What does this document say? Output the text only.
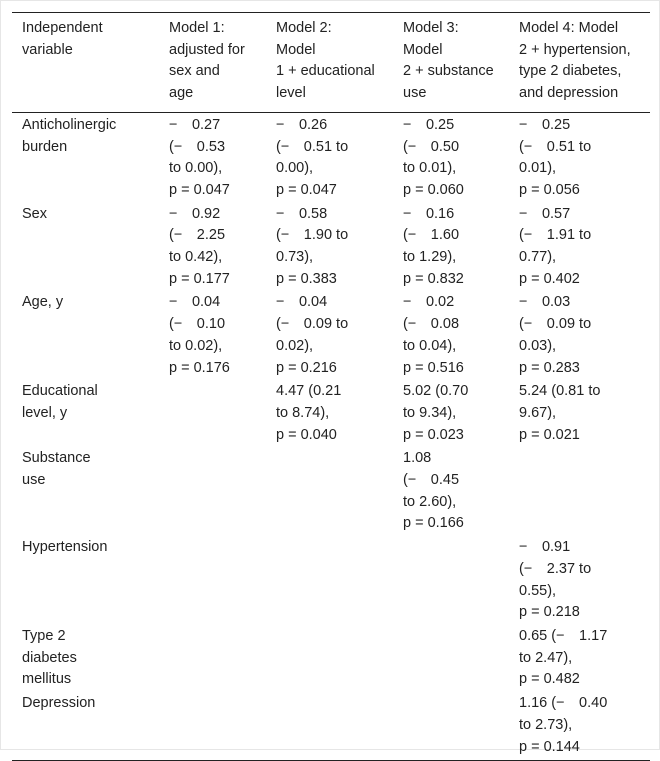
Independent
variable	Model 1:
adjusted for
sex and
age	Model 2:
Model
1 + educational
level	Model 3:
Model
2 + substance
use	Model 4: Model
2 + hypertension,
type 2 diabetes,
and depression

Anticholinergic
burden	− 0.27
(− 0.53
to 0.00),
p = 0.047	− 0.26
(− 0.51 to
0.00),
p = 0.047	− 0.25
(− 0.50
to 0.01),
p = 0.060	− 0.25
(− 0.51 to
0.01),
p = 0.056

Sex	− 0.92
(− 2.25
to 0.42),
p = 0.177	− 0.58
(− 1.90 to
0.73),
p = 0.383	− 0.16
(− 1.60
to 1.29),
p = 0.832	− 0.57
(− 1.91 to
0.77),
p = 0.402

Age, y	− 0.04
(− 0.10
to 0.02),
p = 0.176	− 0.04
(− 0.09 to
0.02),
p = 0.216	− 0.02
(− 0.08
to 0.04),
p = 0.516	− 0.03
(− 0.09 to
0.03),
p = 0.283

Educational
level, y		4.47 (0.21
to 8.74),
p = 0.040	5.02 (0.70
to 9.34),
p = 0.023	5.24 (0.81 to
9.67),
p = 0.021

Substance
use			1.08
(− 0.45
to 2.60),
p = 0.166	

Hypertension				− 0.91
(− 2.37 to
0.55),
p = 0.218

Type 2
diabetes
mellitus				0.65 (− 1.17
to 2.47),
p = 0.482

Depression				1.16 (− 0.40
to 2.73),
p = 0.144
